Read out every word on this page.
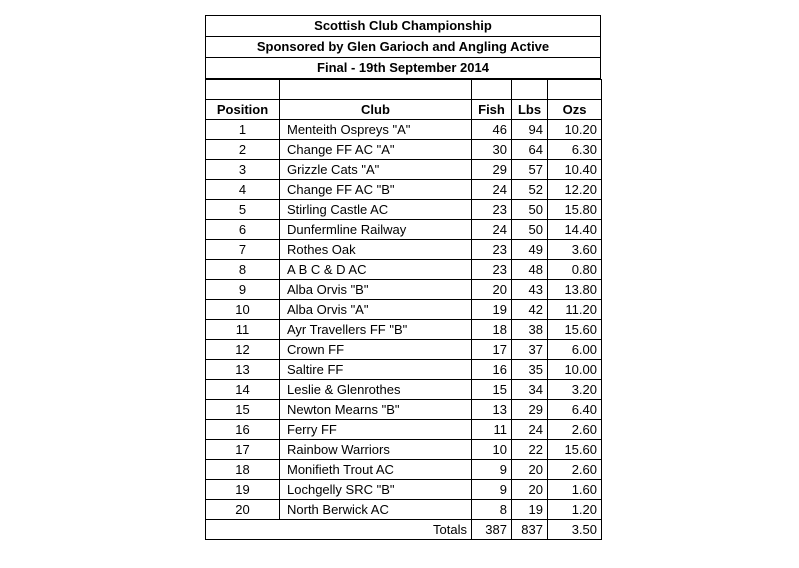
Scottish Club Championship
Sponsored by Glen Garioch and Angling Active
Final - 19th September 2014

Position	Club	Fish	Lbs	Ozs
1	Menteith Ospreys "A"	46	94	10.20
2	Change FF AC "A"	30	64	6.30
3	Grizzle Cats "A"	29	57	10.40
4	Change FF AC "B"	24	52	12.20
5	Stirling Castle AC	23	50	15.80
6	Dunfermline Railway	24	50	14.40
7	Rothes Oak	23	49	3.60
8	A B C & D AC	23	48	0.80
9	Alba Orvis "B"	20	43	13.80
10	Alba Orvis "A"	19	42	11.20
11	Ayr Travellers FF "B"	18	38	15.60
12	Crown FF	17	37	6.00
13	Saltire FF	16	35	10.00
14	Leslie & Glenrothes	15	34	3.20
15	Newton Mearns "B"	13	29	6.40
16	Ferry FF	11	24	2.60
17	Rainbow Warriors	10	22	15.60
18	Monifieth Trout AC	9	20	2.60
19	Lochgelly SRC "B"	9	20	1.60
20	North Berwick AC	8	19	1.20
	Totals	387	837	3.50
